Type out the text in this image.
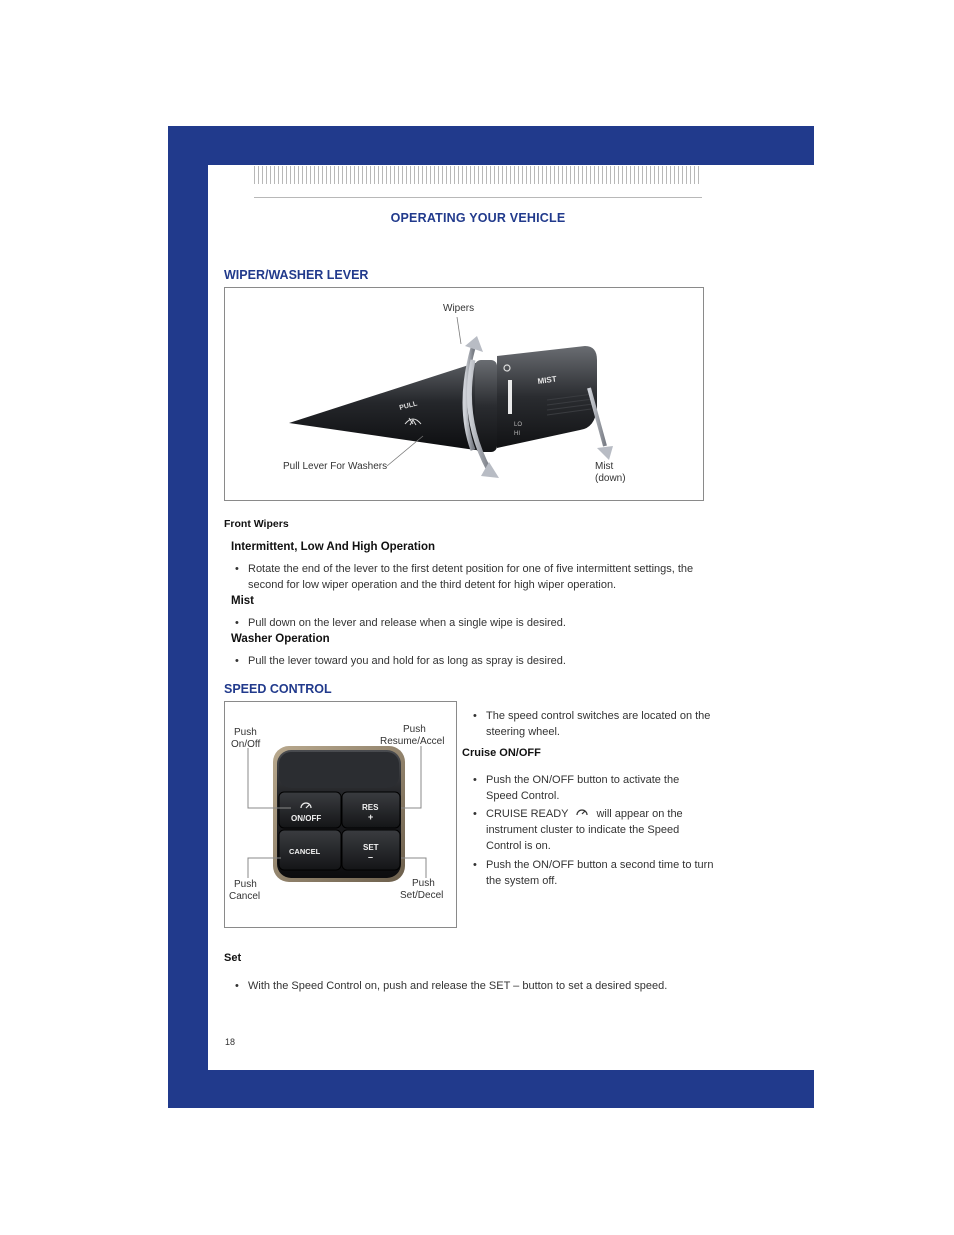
OPERATING YOUR VEHICLE
WIPER/WASHER LEVER
MIST
PULL
LO
HI
Wipers
Pull Lever For Washers	Mist
(down)
Front Wipers
Intermittent, Low And High Operation
• Rotate the end of the lever to the first detent position for one of five intermittent settings, the second for low wiper operation and the third detent for high wiper operation.
Mist
• Pull down on the lever and release when a single wipe is desired.
Washer Operation
• Pull the lever toward you and hold for as long as spray is desired.
SPEED CONTROL
ON/OFF
RES
+
CANCEL	SET
–
Push
On/Off
Push
Resume/Accel
Push
Cancel
Push
Set/Decel
• The speed control switches are located on the steering wheel.
Cruise ON/OFF
• Push the ON/OFF button to activate the Speed Control.
• CRUISE READY	will appear on the instrument cluster to indicate the Speed Control is on.
• Push the ON/OFF button a second time to turn the system off.
Set
• With the Speed Control on, push and release the SET – button to set a desired speed.
18
